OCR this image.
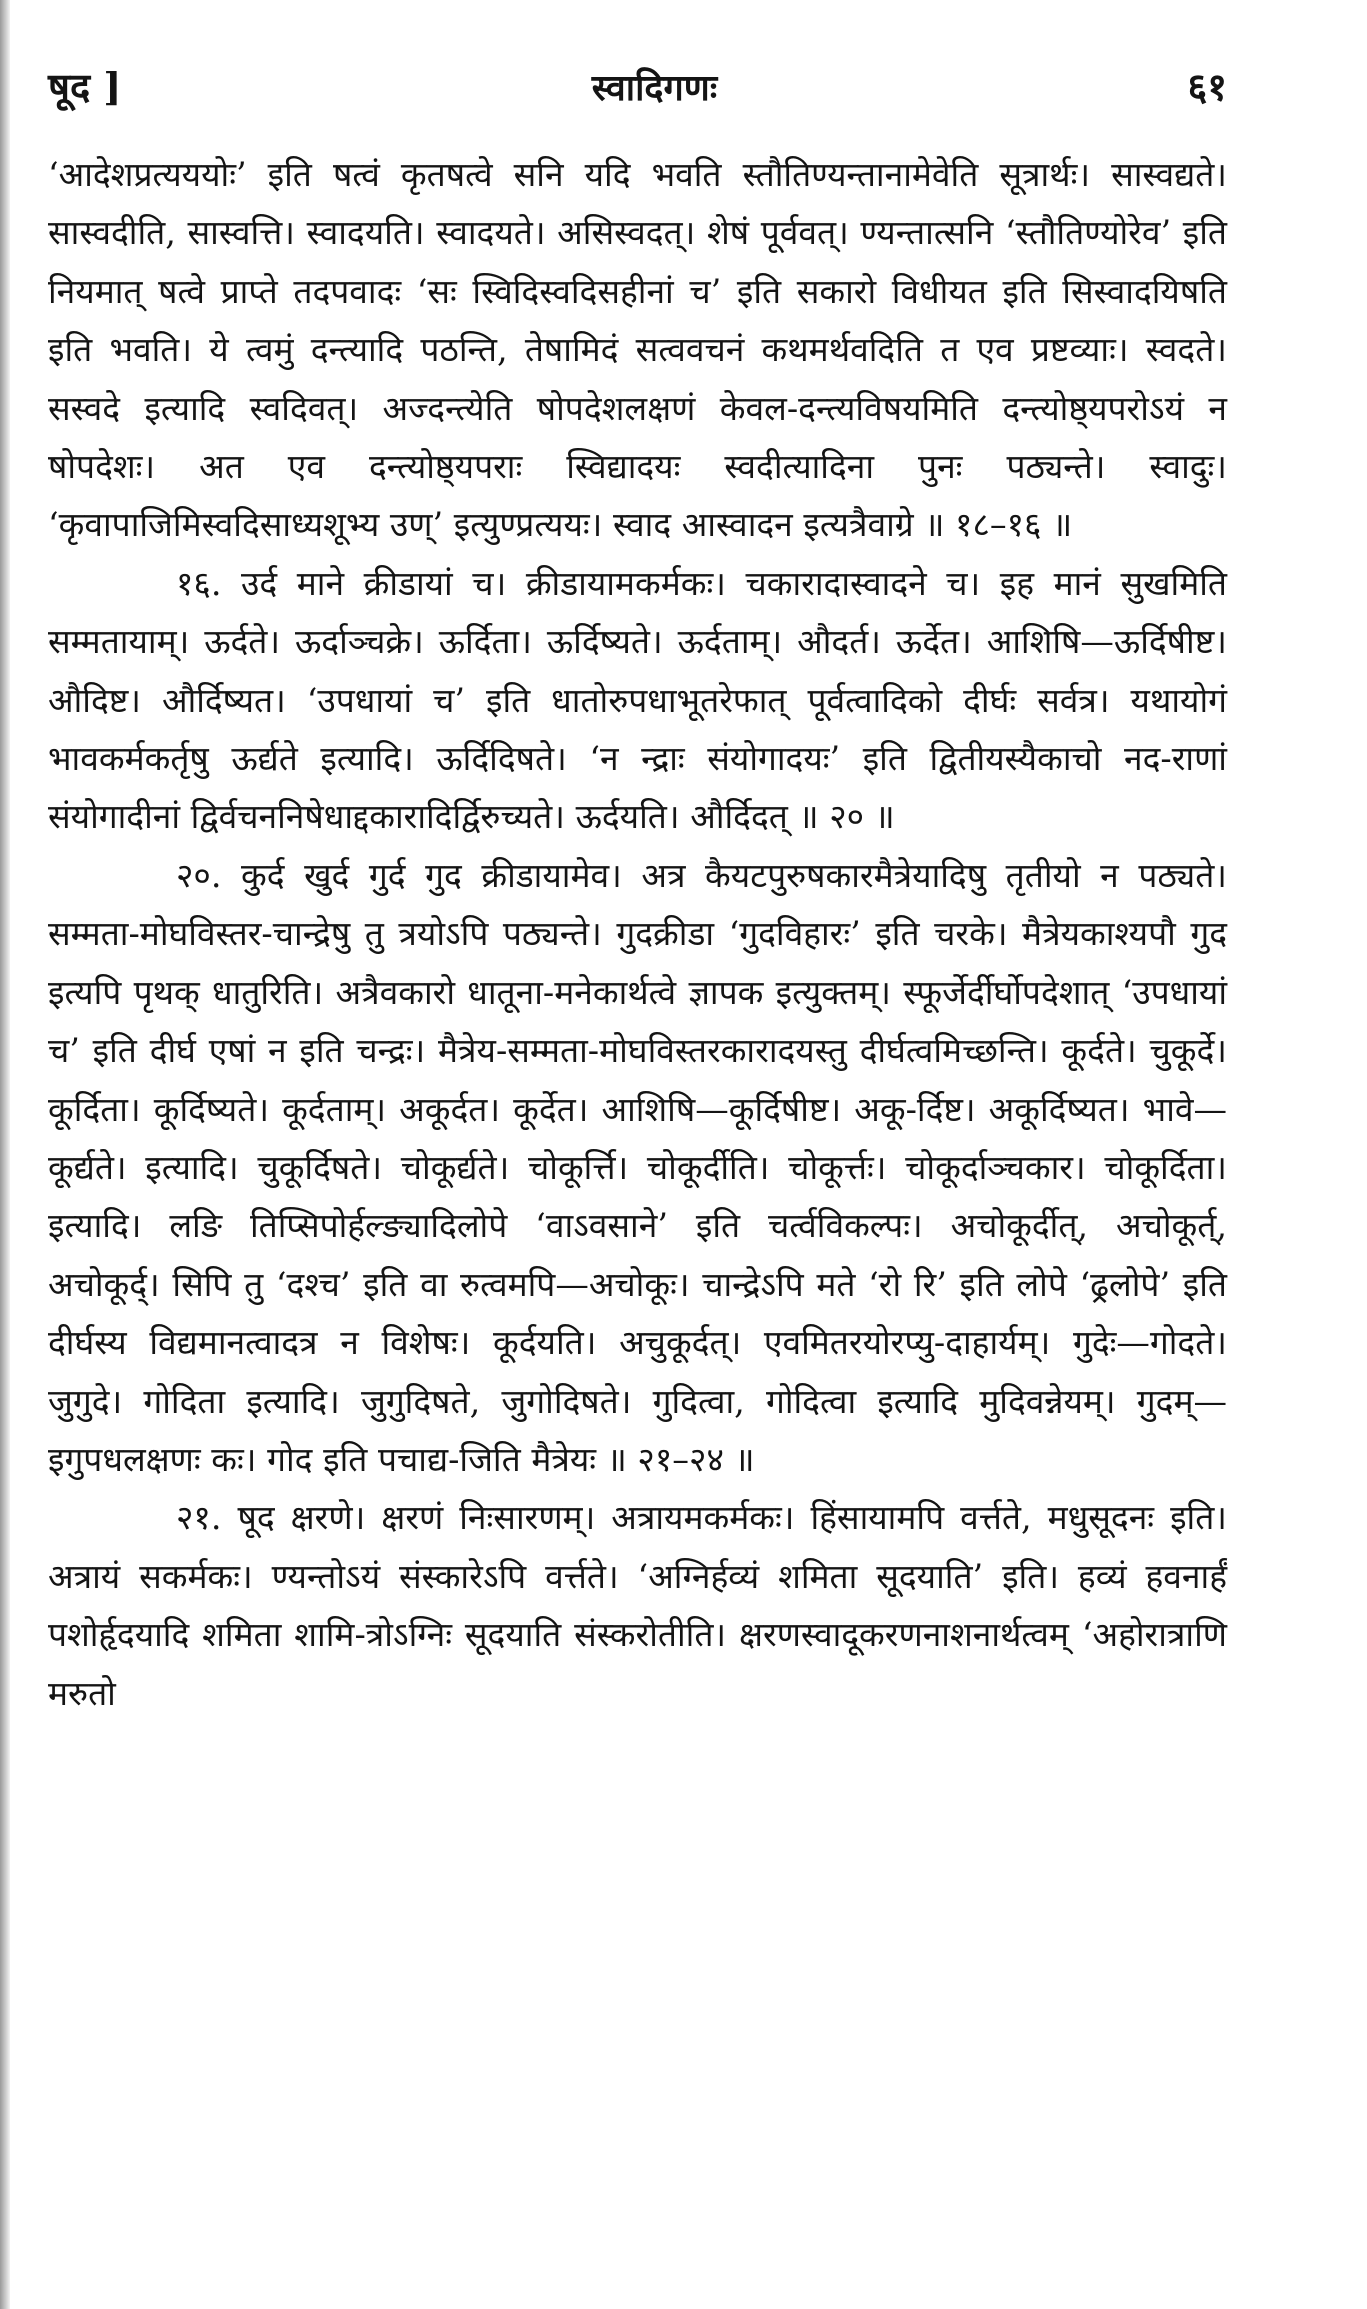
षूद ]	स्वादिगणः	६१

‘आदेशप्रत्यययोः’ इति षत्वं कृतषत्वे सनि यदि भवति स्तौतिण्यन्तानामेवेति सूत्रार्थः। सास्वद्यते। सास्वदीति, सास्वत्ति। स्वादयति। स्वादयते। असिस्वदत्। शेषं पूर्ववत्। ण्यन्तात्सनि ‘स्तौतिण्योरेव’ इति नियमात् षत्वे प्राप्ते तदपवादः ‘सः स्विदिस्वदिसहीनां च’ इति सकारो विधीयत इति सिस्वादयिषति इति भवति। ये त्वमुं दन्त्यादि पठन्ति, तेषामिदं सत्ववचनं कथमर्थवदिति त एव प्रष्टव्याः। स्वदते। सस्वदे इत्यादि स्वदिवत्। अज्दन्त्येति षोपदेशलक्षणं केवल-दन्त्यविषयमिति दन्त्योष्ठ्यपरोऽयं न षोपदेशः। अत एव दन्त्योष्ठ्यपराः स्विद्यादयः स्वदीत्यादिना पुनः पठ्यन्ते। स्वादुः। ‘कृवापाजिमिस्वदिसाध्यशूभ्य उण्’ इत्युण्प्रत्ययः। स्वाद आस्वादन इत्यत्रैवाग्रे ॥ १८–१६ ॥

१६. उर्द माने क्रीडायां च। क्रीडायामकर्मकः। चकारादास्वादने च। इह मानं सुखमिति सम्मतायाम्। ऊर्दते। ऊर्दाञ्चक्रे। ऊर्दिता। ऊर्दिष्यते। ऊर्दताम्। औदर्त। ऊर्देत। आशिषि—ऊर्दिषीष्ट। औदिष्ट। और्दिष्यत। ‘उपधायां च’ इति धातोरुपधाभूतरेफात् पूर्वत्वादिको दीर्घः सर्वत्र। यथायोगं भावकर्मकर्तृषु ऊर्द्यते इत्यादि। ऊर्दिदिषते। ‘न न्द्राः संयोगादयः’ इति द्वितीयस्यैकाचो नद-राणां संयोगादीनां द्विर्वचननिषेधाद्दकारादिर्द्विरुच्यते। ऊर्दयति। और्दिदत् ॥ २० ॥

२०. कुर्द खुर्द गुर्द गुद क्रीडायामेव। अत्र कैयटपुरुषकारमैत्रेयादिषु तृतीयो न पठ्यते। सम्मता-मोघविस्तर-चान्द्रेषु तु त्रयोऽपि पठ्यन्ते। गुदक्रीडा ‘गुदविहारः’ इति चरके। मैत्रेयकाश्यपौ गुद इत्यपि पृथक् धातुरिति। अत्रैवकारो धातूना-मनेकार्थत्वे ज्ञापक इत्युक्तम्। स्फूर्जेर्दीर्घोपदेशात् ‘उपधायां च’ इति दीर्घ एषां न इति चन्द्रः। मैत्रेय-सम्मता-मोघविस्तरकारादयस्तु दीर्घत्वमिच्छन्ति। कूर्दते। चुकूर्दे। कूर्दिता। कूर्दिष्यते। कूर्दताम्। अकूर्दत। कूर्देत। आशिषि—कूर्दिषीष्ट। अकू-र्दिष्ट। अकूर्दिष्यत। भावे—कूर्द्यते। इत्यादि। चुकूर्दिषते। चोकूर्द्यते। चोकूर्त्ति। चोकूर्दीति। चोकूर्त्तः। चोकूर्दाञ्चकार। चोकूर्दिता। इत्यादि। लङि तिप्सिपोर्हल्ङ्यादिलोपे ‘वाऽवसाने’ इति चर्त्वविकल्पः। अचोकूर्दीत्, अचोकूर्त्, अचोकूर्द्। सिपि तु ‘दश्च’ इति वा रुत्वमपि—अचोकूः। चान्द्रेऽपि मते ‘रो रि’ इति लोपे ‘ढ्रलोपे’ इति दीर्घस्य विद्यमानत्वादत्र न विशेषः। कूर्दयति। अचुकूर्दत्। एवमितरयोरप्यु-दाहार्यम्। गुदेः—गोदते। जुगुदे। गोदिता इत्यादि। जुगुदिषते, जुगोदिषते। गुदित्वा, गोदित्वा इत्यादि मुदिवन्नेयम्। गुदम्—इगुपधलक्षणः कः। गोद इति पचाद्य-जिति मैत्रेयः ॥ २१–२४ ॥

२१. षूद क्षरणे। क्षरणं निःसारणम्। अत्रायमकर्मकः। हिंसायामपि वर्त्तते, मधुसूदनः इति। अत्रायं सकर्मकः। ण्यन्तोऽयं संस्कारेऽपि वर्त्तते। ‘अग्निर्हव्यं शमिता सूदयाति’ इति। हव्यं हवनार्हं पशोर्हृदयादि शमिता शामि-त्रोऽग्निः सूदयाति संस्करोतीति। क्षरणस्वादूकरणनाशनार्थत्वम् ‘अहोरात्राणि मरुतो
